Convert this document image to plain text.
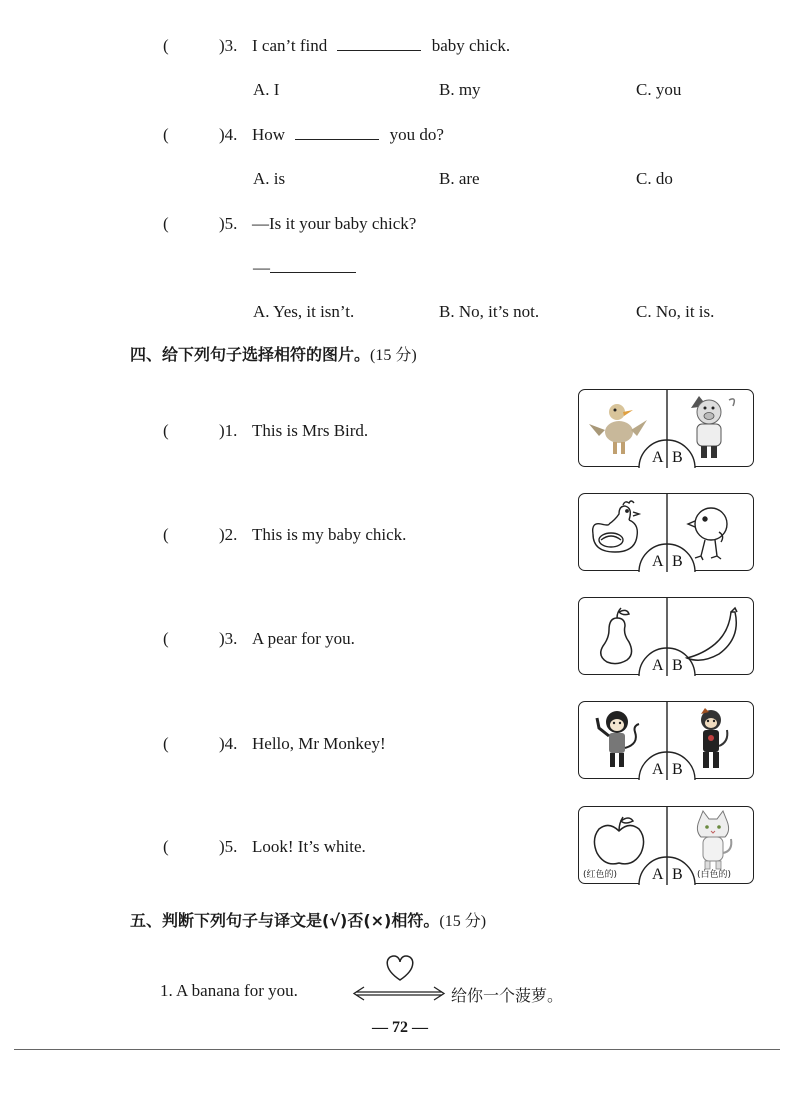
(	)3. I can’t find	baby chick.
A. I	B. my	C. you
(	)4. How	you do?
A. is	B. are	C. do
(	)5. —Is it your baby chick?
—
A. Yes, it isn’t.	B. No, it’s not.	C. No, it is.
四、给下列句子选择相符的图片。(15 分)
(	)1. This is Mrs Bird.
(	)2. This is my baby chick.
(	)3. A pear for you.
(	)4. Hello, Mr Monkey!
(	)5. Look! It’s white.
A B
A B
A B
A B
A B
(红色的)	(白色的)
五、判断下列句子与译文是(√)否(×)相符。(15 分)
1. A banana for you.	给你一个菠萝。
— 72 —
